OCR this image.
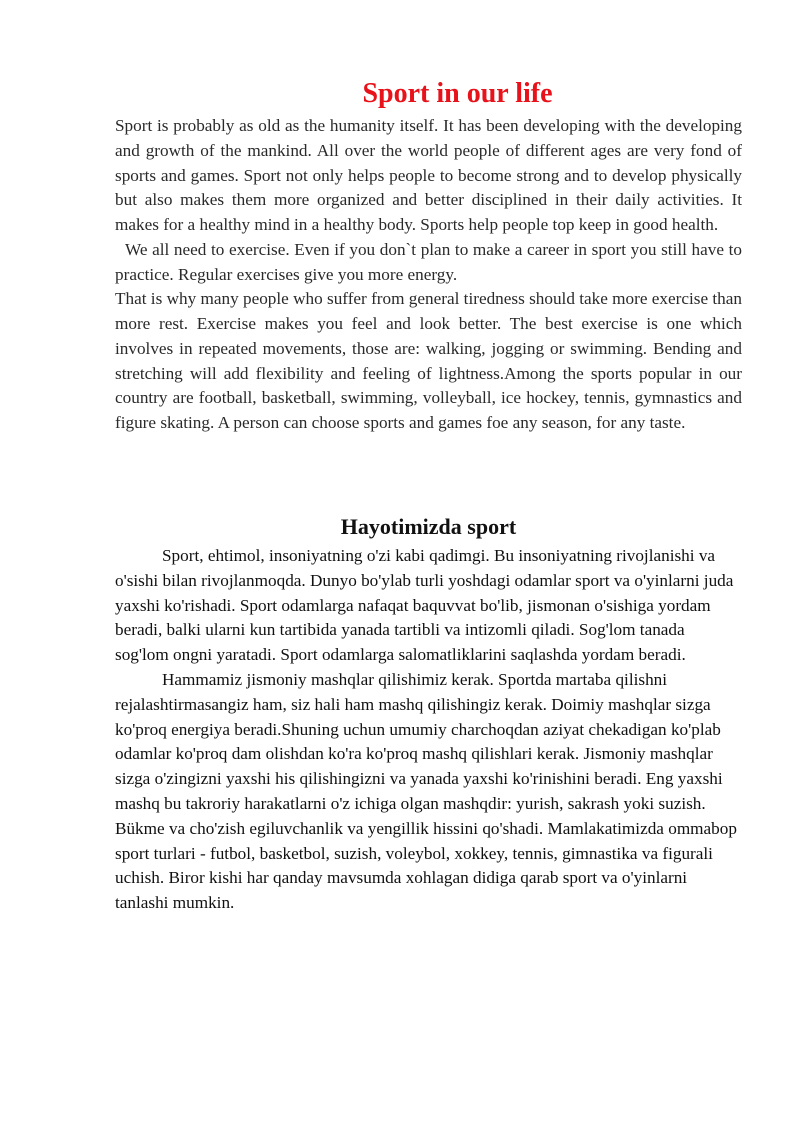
Sport in our life

Sport is probably as old as the humanity itself. It has been developing with the developing and growth of the mankind. All over the world people of different ages are very fond of sports and games. Sport not only helps people to become strong and to develop physically but also makes them more organized and better disciplined in their daily activities. It makes for a healthy mind in a healthy body. Sports help people top keep in good health.

We all need to exercise. Even if you don`t plan to make a career in sport you still have to practice. Regular exercises give you more energy.

That is why many people who suffer from general tiredness should take more exercise than more rest. Exercise makes you feel and look better. The best exercise is one which involves in repeated movements, those are: walking, jogging or swimming. Bending and stretching will add flexibility and feeling of lightness.Among the sports popular in our country are football, basketball, swimming, volleyball, ice hockey, tennis, gymnastics and figure skating. A person can choose sports and games foe any season, for any taste.

Hayotimizda sport

Sport, ehtimol, insoniyatning o'zi kabi qadimgi. Bu insoniyatning rivojlanishi va o'sishi bilan rivojlanmoqda. Dunyo bo'ylab turli yoshdagi odamlar sport va o'yinlarni juda yaxshi ko'rishadi. Sport odamlarga nafaqat baquvvat bo'lib, jismonan o'sishiga yordam beradi, balki ularni kun tartibida yanada tartibli va intizomli qiladi. Sog'lom tanada sog'lom ongni yaratadi. Sport odamlarga salomatliklarini saqlashda yordam beradi.

Hammamiz jismoniy mashqlar qilishimiz kerak. Sportda martaba qilishni rejalashtirmasangiz ham, siz hali ham mashq qilishingiz kerak. Doimiy mashqlar sizga ko'proq energiya beradi.Shuning uchun umumiy charchoqdan aziyat chekadigan ko'plab odamlar ko'proq dam olishdan ko'ra ko'proq mashq qilishlari kerak. Jismoniy mashqlar sizga o'zingizni yaxshi his qilishingizni va yanada yaxshi ko'rinishini beradi. Eng yaxshi mashq bu takroriy harakatlarni o'z ichiga olgan mashqdir: yurish, sakrash yoki suzish. Bükme va cho'zish egiluvchanlik va yengillik hissini qo'shadi. Mamlakatimizda ommabop sport turlari - futbol, basketbol, suzish, voleybol, xokkey, tennis, gimnastika va figurali uchish. Biror kishi har qanday mavsumda xohlagan didiga qarab sport va o'yinlarni tanlashi mumkin.
